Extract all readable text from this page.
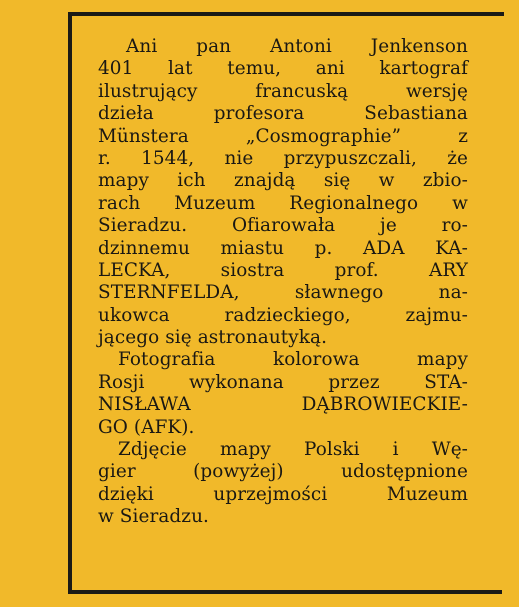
Ani pan Antoni Jenkenson
401 lat temu, ani kartograf
ilustrujący francuską wersję
dzieła profesora Sebastiana
Münstera „Cosmographie” z
r. 1544, nie przypuszczali, że
mapy ich znajdą się w zbio-
rach Muzeum Regionalnego w
Sieradzu. Ofiarowała je ro-
dzinnemu miastu p. ADA KA-
LECKA, siostra prof. ARY
STERNFELDA, sławnego na-
ukowca radzieckiego, zajmu-
jącego się astronautyką.
Fotografia kolorowa mapy
Rosji wykonana przez STA-
NISŁAWA DĄBROWIECKIE-
GO (AFK).
Zdjęcie mapy Polski i Wę-
gier (powyżej) udostępnione
dzięki uprzejmości Muzeum
w Sieradzu.
